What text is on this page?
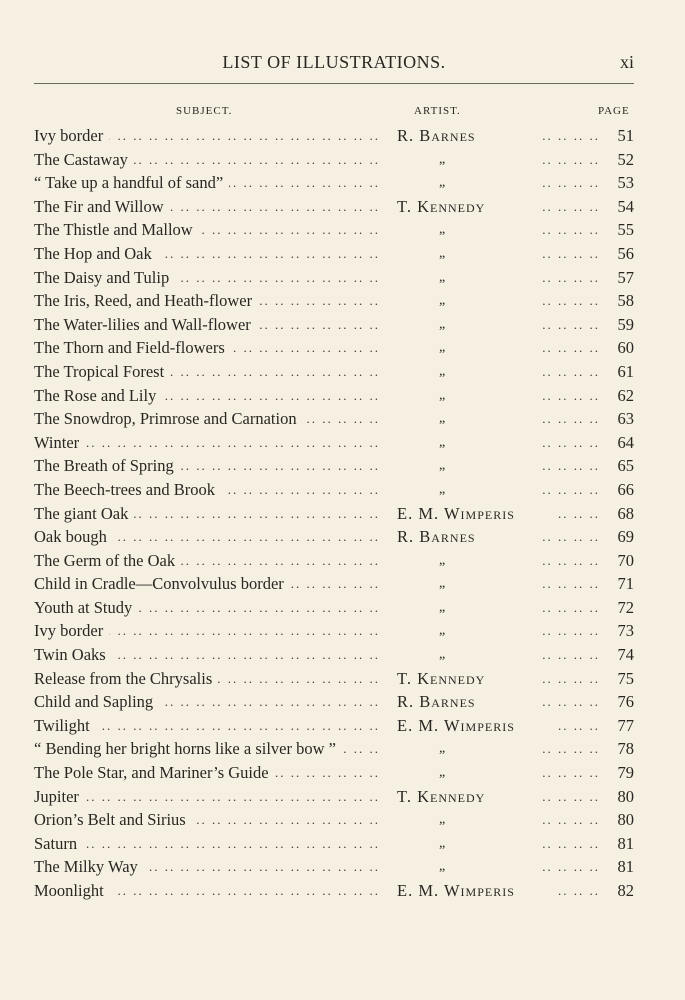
LIST OF ILLUSTRATIONS.	xi
SUBJECT.	ARTIST.	PAGE
Ivy border .. ..	R. Barnes	.. .. .. ..	51
The Castaway .. ..	„	.. .. .. ..	52
“ Take up a handful of sand” .. ..	„	.. .. .. ..	53
The Fir and Willow .. ..	T. Kennedy	.. .. .. ..	54
The Thistle and Mallow .. ..	„	.. .. .. ..	55
The Hop and Oak .. ..	„	.. .. .. ..	56
The Daisy and Tulip .. ..	„	.. .. .. ..	57
The Iris, Reed, and Heath-flower .. ..	„	.. .. .. ..	58
The Water-lilies and Wall-flower .. ..	„	.. .. .. ..	59
The Thorn and Field-flowers .. ..	„	.. .. .. ..	60
The Tropical Forest .. ..	„	.. .. .. ..	61
The Rose and Lily .. ..	„	.. .. .. ..	62
The Snowdrop, Primrose and Carnation .. ..	„	.. .. .. ..	63
Winter .. ..	„	.. .. .. ..	64
The Breath of Spring .. ..	„	.. .. .. ..	65
The Beech-trees and Brook .. ..	„	.. .. .. ..	66
The giant Oak .. ..	E. M. Wimperis	.. .. ..	68
Oak bough .. ..	R. Barnes	.. .. .. ..	69
The Germ of the Oak .. ..	„	.. .. .. ..	70
Child in Cradle—Convolvulus border .. ..	„	.. .. .. ..	71
Youth at Study .. ..	„	.. .. .. ..	72
Ivy border .. ..	„	.. .. .. ..	73
Twin Oaks .. ..	„	.. .. .. ..	74
Release from the Chrysalis .. ..	T. Kennedy	.. .. .. ..	75
Child and Sapling .. ..	R. Barnes	.. .. .. ..	76
Twilight .. ..	E. M. Wimperis	.. .. ..	77
“ Bending her bright horns like a silver bow ” .. ..	„	.. .. .. ..	78
The Pole Star, and Mariner’s Guide .. ..	„	.. .. .. ..	79
Jupiter .. ..	T. Kennedy	.. .. .. ..	80
Orion’s Belt and Sirius .. ..	„	.. .. .. ..	80
Saturn .. ..	„	.. .. .. ..	81
The Milky Way .. ..	„	.. .. .. ..	81
Moonlight .. ..	E. M. Wimperis	.. .. ..	82
